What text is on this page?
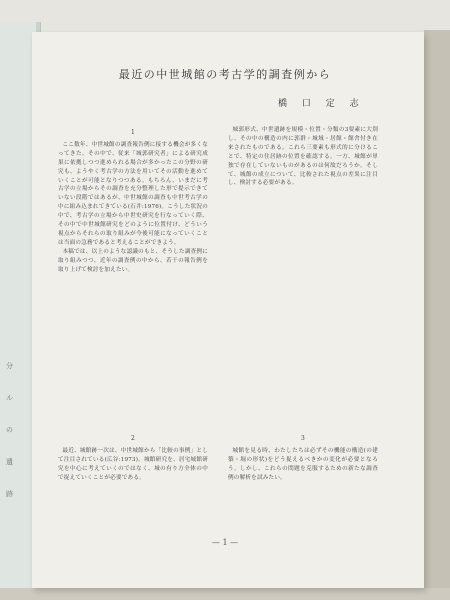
分
ル
の
遺
跡
最近の中世城館の考古学的調査例から
橋 口 定 志
1

ここ数年、中世城館の調査報告例に接する機会が多くなってきた。その中で、従来「城郭研究者」による研究成果に依拠しつつ進められる場合が多かったこの分野の研究も、ようやく考古学の方法を用いてその活動を進めていくことが可能となりつつある。もちろん、いまだに考古学の立場からその調査を充分整理した形で提示できていない段階ではあるが、中世城館の調査も中世考古学の中に組み込まれてきている(石井:1976)。こうした状況の中で、考古学の立場から中世史研究を行なっていく際、その中で中世城館研究をどのように位置付け、どういう視点からそれらの取り組みが今後可能になっていくことは当面の急務であると考えることができよう。

本稿では、以上のような認識のもと、そうした調査例に取り組みつつ、近年の調査例の中から、若干の報告例を取り上げて検討を加えたい。

2

最近、城館跡一次は、中世城館から「比較の事例」として注目されている(広谷:1973)。城館研究を、居宅城館研究を中心に考えていくのではなく、城の有り方全体の中で捉えていくことが必要である。

城郭形式、中世遺跡を規模・位置・分類の3要素に大別し、その中の構造の内に郭群・城域・居館・館舎付き在来されたものである。これら三要素も形式的に分けることで、特定の住居跡の位置を確認する。一方、城館が単独で存在していないものがあるのは何故だろうか。そして、城館の成立について、比較された視点の差異に注目し、検討する必要がある。

3

城館を見る時、わたしたちは必ずその機能の構造(の建築・堀の形状)をどう捉えるべきかの変化が必要となろう。しかし、これらの問題を克服するための新たな調査例の解析を試みたい。

— 1 —
